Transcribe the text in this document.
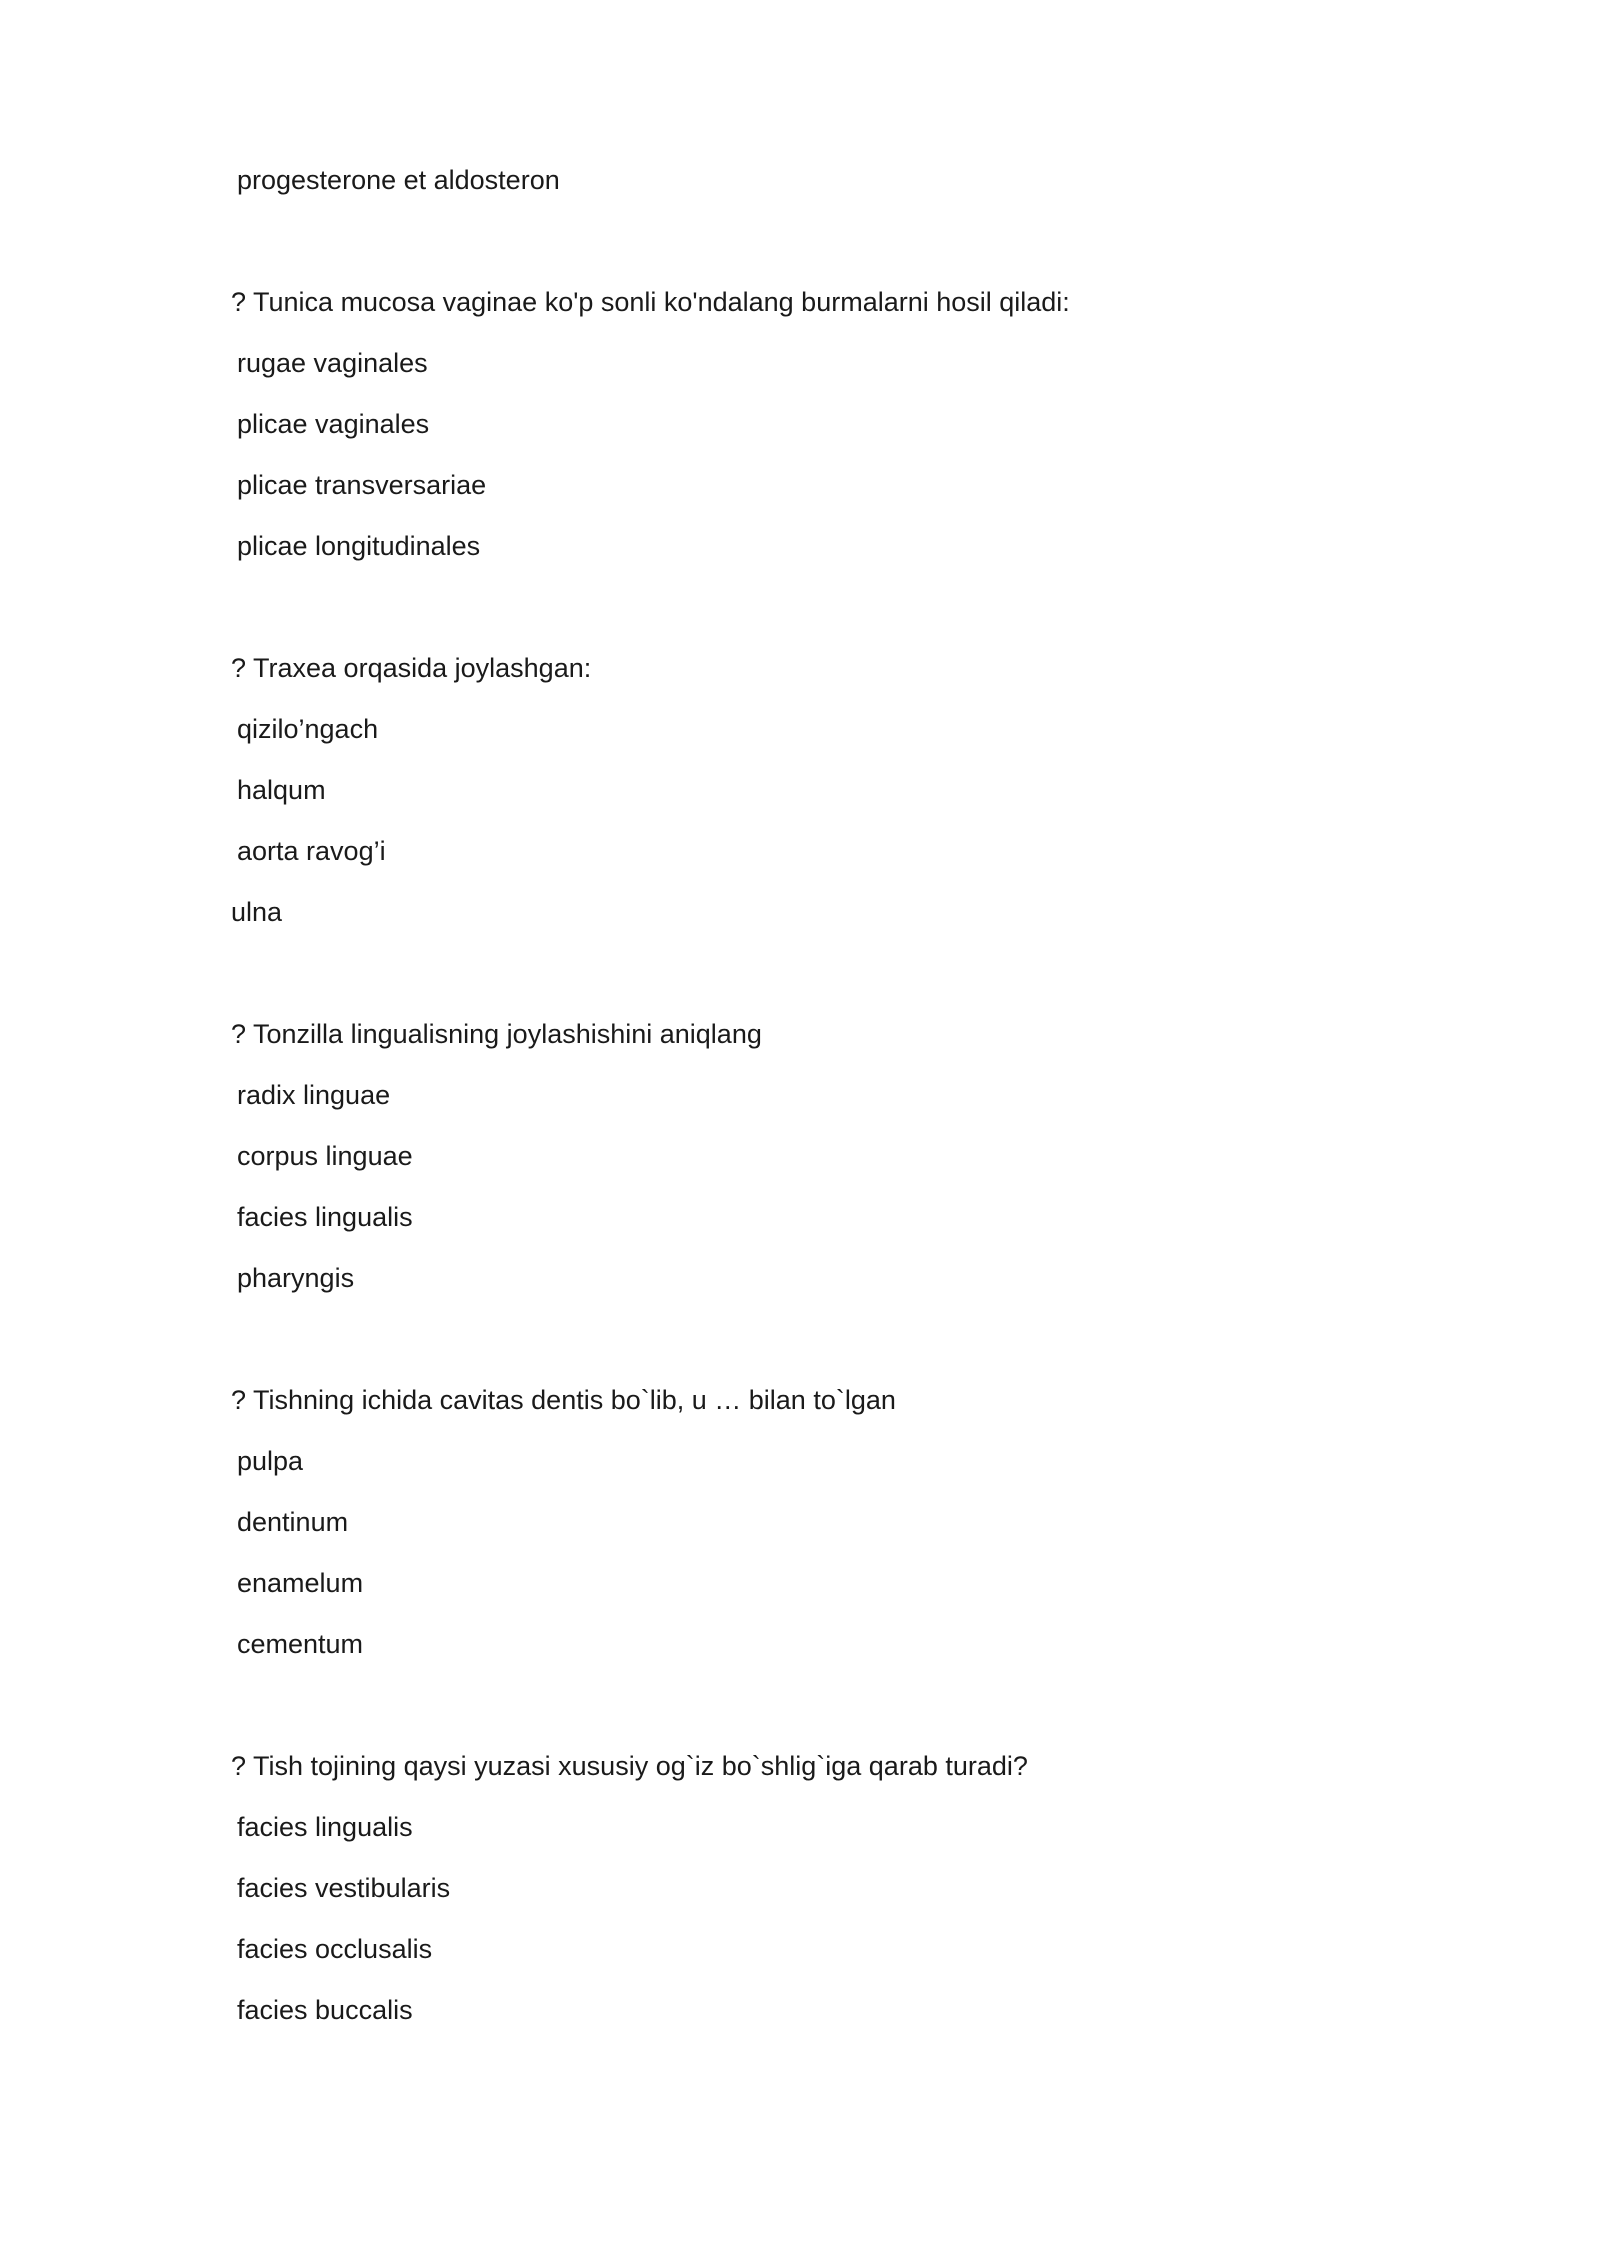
progesterone et aldosteron
? Tunica mucosa vaginae ko'p sonli ko'ndalang burmalarni hosil qiladi:
rugae vaginales
plicae vaginales
plicae transversariae
plicae longitudinales
? Traxea orqasida joylashgan:
qizilo’ngach
halqum
aorta ravog’i
ulna
? Tonzilla lingualisning joylashishini aniqlang
radix linguae
corpus linguae
facies lingualis
pharyngis
? Tishning ichida cavitas dentis bo`lib, u … bilan to`lgan
pulpa
dentinum
enamelum
cementum
? Tish tojining qaysi yuzasi xususiy og`iz bo`shlig`iga qarab turadi?
facies lingualis
facies vestibularis
facies occlusalis
facies buccalis
